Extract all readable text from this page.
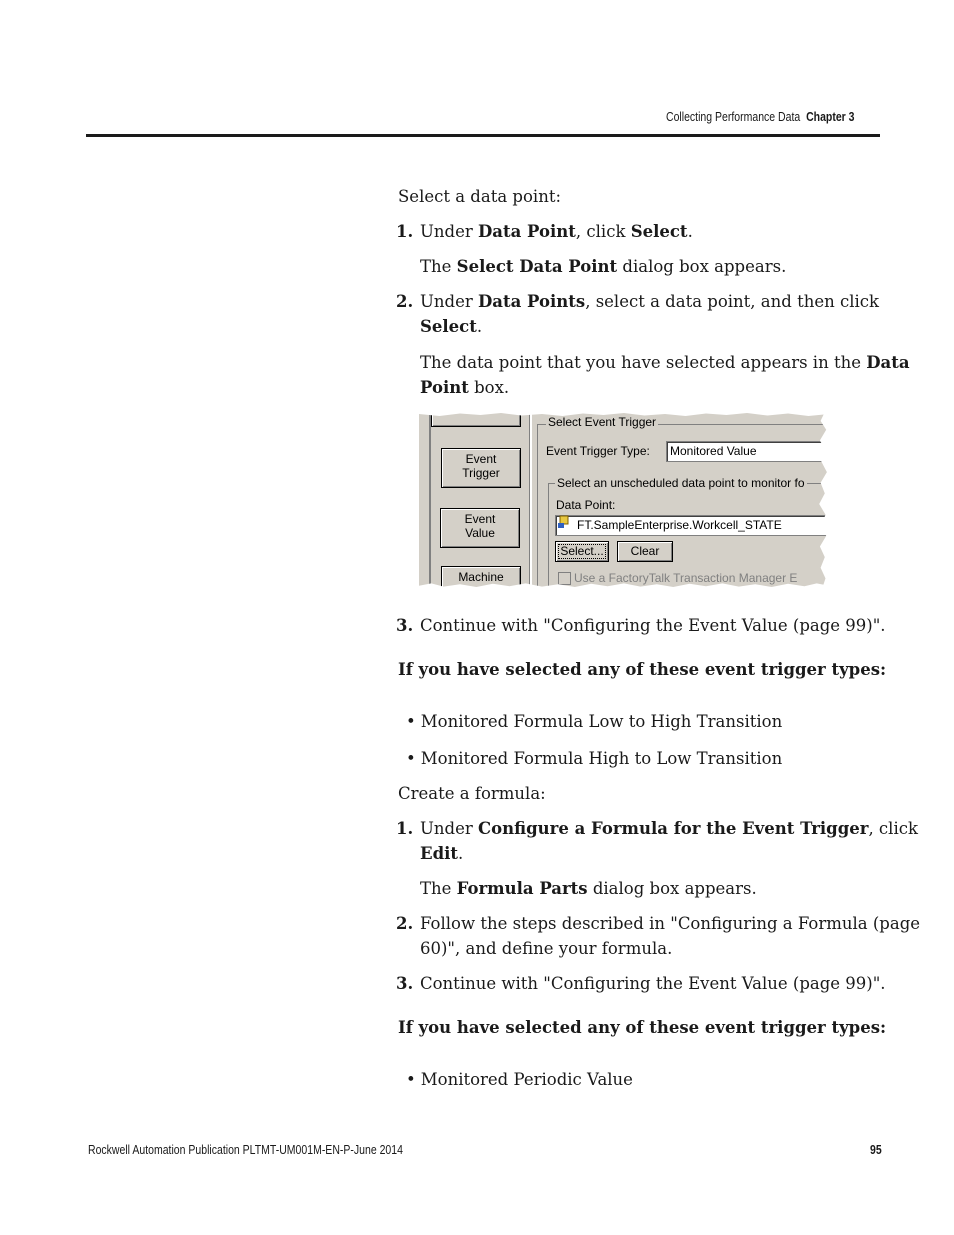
Collecting Performance Data Chapter 3
Select a data point:
1. Under Data Point, click Select.
The Select Data Point dialog box appears.
2. Under Data Points, select a data point, and then click
Select.
The data point that you have selected appears in the Data
Point box.
Event
Trigger
Event
Value
Machine
Select Event Trigger
Event Trigger Type:	Monitored Value
Select an unscheduled data point to monitor fo
Data Point:
FT.SampleEnterprise.Workcell_STATE
Select...	Clear
Use a FactoryTalk Transaction Manager E
3. Continue with "Configuring the Event Value (page 99)".
If you have selected any of these event trigger types:
• Monitored Formula Low to High Transition
• Monitored Formula High to Low Transition
Create a formula:
1. Under Configure a Formula for the Event Trigger, click
Edit.
The Formula Parts dialog box appears.
2. Follow the steps described in "Configuring a Formula (page
60)", and define your formula.
3. Continue with "Configuring the Event Value (page 99)".
If you have selected any of these event trigger types:
• Monitored Periodic Value
Rockwell Automation Publication PLTMT-UM001M-EN-P-June 2014	95
